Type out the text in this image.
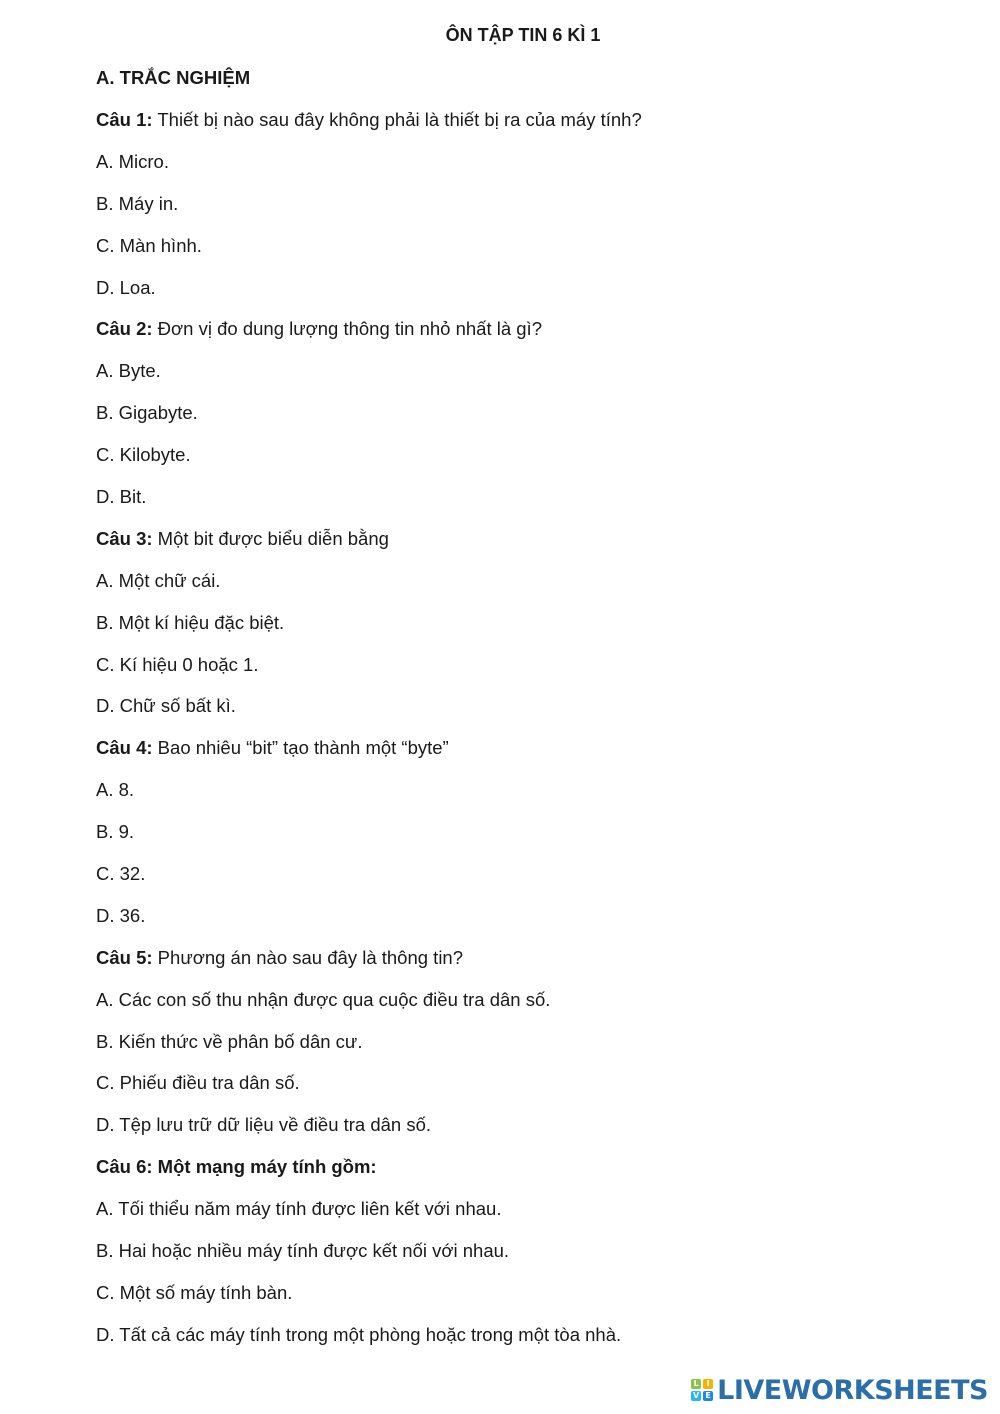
ÔN TẬP TIN 6 KÌ 1
A. TRẮC NGHIỆM
Câu 1: Thiết bị nào sau đây không phải là thiết bị ra của máy tính?
A. Micro.
B. Máy in.
C. Màn hình.
D. Loa.
Câu 2: Đơn vị đo dung lượng thông tin nhỏ nhất là gì?
A. Byte.
B. Gigabyte.
C. Kilobyte.
D. Bit.
Câu 3: Một bit được biểu diễn bằng
A. Một chữ cái.
B. Một kí hiệu đặc biệt.
C. Kí hiệu 0 hoặc 1.
D. Chữ số bất kì.
Câu 4: Bao nhiêu “bit” tạo thành một “byte”
A. 8.
B. 9.
C. 32.
D. 36.
Câu 5: Phương án nào sau đây là thông tin?
A. Các con số thu nhận được qua cuộc điều tra dân số.
B. Kiến thức về phân bố dân cư.
C. Phiếu điều tra dân số.
D. Tệp lưu trữ dữ liệu về điều tra dân số.
Câu 6: Một mạng máy tính gồm:
A. Tối thiểu năm máy tính được liên kết với nhau.
B. Hai hoặc nhiều máy tính được kết nối với nhau.
C. Một số máy tính bàn.
D. Tất cả các máy tính trong một phòng hoặc trong một tòa nhà.
L I
V E LIVEWORKSHEETS
